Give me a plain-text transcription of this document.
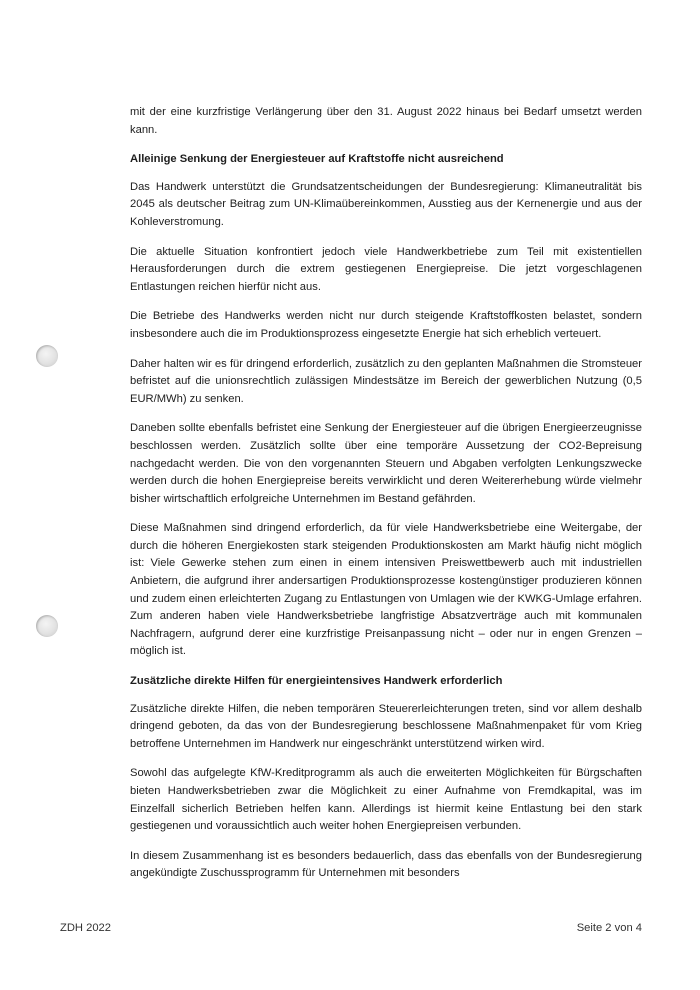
mit der eine kurzfristige Verlängerung über den 31. August 2022 hinaus bei Bedarf umsetzt werden kann.

Alleinige Senkung der Energiesteuer auf Kraftstoffe nicht ausreichend

Das Handwerk unterstützt die Grundsatzentscheidungen der Bundesregierung: Klimaneutralität bis 2045 als deutscher Beitrag zum UN-Klimaübereinkommen, Ausstieg aus der Kernenergie und aus der Kohleverstromung.

Die aktuelle Situation konfrontiert jedoch viele Handwerkbetriebe zum Teil mit existentiellen Herausforderungen durch die extrem gestiegenen Energiepreise. Die jetzt vorgeschlagenen Entlastungen reichen hierfür nicht aus.

Die Betriebe des Handwerks werden nicht nur durch steigende Kraftstoffkosten belastet, sondern insbesondere auch die im Produktionsprozess eingesetzte Energie hat sich erheblich verteuert.

Daher halten wir es für dringend erforderlich, zusätzlich zu den geplanten Maßnahmen die Stromsteuer befristet auf die unionsrechtlich zulässigen Mindestsätze im Bereich der gewerblichen Nutzung (0,5 EUR/MWh) zu senken.

Daneben sollte ebenfalls befristet eine Senkung der Energiesteuer auf die übrigen Energieerzeugnisse beschlossen werden. Zusätzlich sollte über eine temporäre Aussetzung der CO2-Bepreisung nachgedacht werden. Die von den vorgenannten Steuern und Abgaben verfolgten Lenkungszwecke werden durch die hohen Energiepreise bereits verwirklicht und deren Weitererhebung würde vielmehr bisher wirtschaftlich erfolgreiche Unternehmen im Bestand gefährden.

Diese Maßnahmen sind dringend erforderlich, da für viele Handwerksbetriebe eine Weitergabe, der durch die höheren Energiekosten stark steigenden Produktionskosten am Markt häufig nicht möglich ist: Viele Gewerke stehen zum einen in einem intensiven Preiswettbewerb auch mit industriellen Anbietern, die aufgrund ihrer andersartigen Produktionsprozesse kostengünstiger produzieren können und zudem einen erleichterten Zugang zu Entlastungen von Umlagen wie der KWKG-Umlage erfahren. Zum anderen haben viele Handwerksbetriebe langfristige Absatzverträge auch mit kommunalen Nachfragern, aufgrund derer eine kurzfristige Preisanpassung nicht – oder nur in engen Grenzen – möglich ist.

Zusätzliche direkte Hilfen für energieintensives Handwerk erforderlich

Zusätzliche direkte Hilfen, die neben temporären Steuererleichterungen treten, sind vor allem deshalb dringend geboten, da das von der Bundesregierung beschlossene Maßnahmenpaket für vom Krieg betroffene Unternehmen im Handwerk nur eingeschränkt unterstützend wirken wird.

Sowohl das aufgelegte KfW-Kreditprogramm als auch die erweiterten Möglichkeiten für Bürgschaften bieten Handwerksbetrieben zwar die Möglichkeit zu einer Aufnahme von Fremdkapital, was im Einzelfall sicherlich Betrieben helfen kann. Allerdings ist hiermit keine Entlastung bei den stark gestiegenen und voraussichtlich auch weiter hohen Energiepreisen verbunden.

In diesem Zusammenhang ist es besonders bedauerlich, dass das ebenfalls von der Bundesregierung angekündigte Zuschussprogramm für Unternehmen mit besonders

ZDH 2022	Seite 2 von 4
